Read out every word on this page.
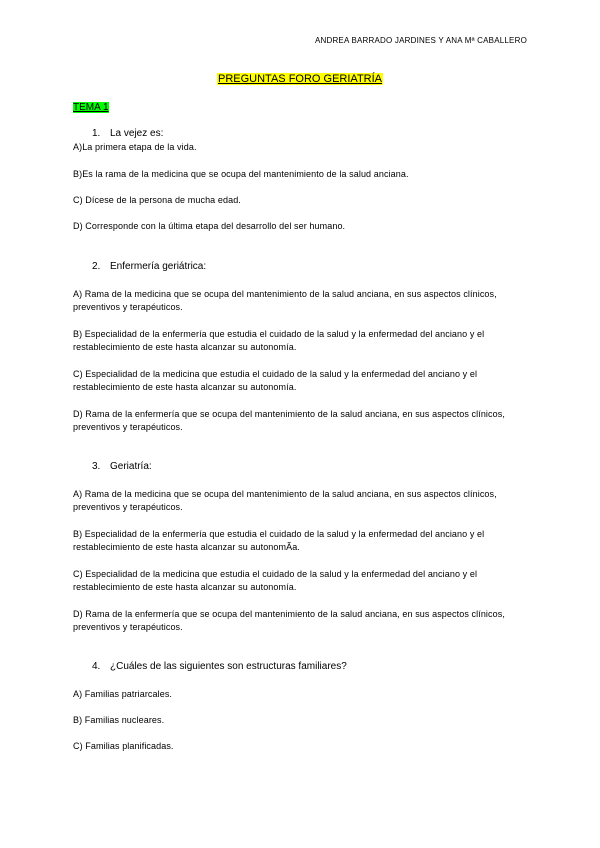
ANDREA BARRADO JARDINES Y ANA Mª CABALLERO
PREGUNTAS FORO GERIATRÍA
TEMA 1
1. La vejez es:
A)La primera etapa de la vida.
B)Es la rama de la medicina que se ocupa del mantenimiento de la salud anciana.
C) Dícese de la persona de mucha edad.
D) Corresponde con la última etapa del desarrollo del ser humano.
2. Enfermería geriátrica:
A) Rama de la medicina que se ocupa del mantenimiento de la salud anciana, en sus aspectos clínicos, preventivos y terapéuticos.
B) Especialidad de la enfermería que estudia el cuidado de la salud y la enfermedad del anciano y el restablecimiento de este hasta alcanzar su autonomía.
C) Especialidad de la medicina que estudia el cuidado de la salud y la enfermedad del anciano y el restablecimiento de este hasta alcanzar su autonomía.
D) Rama de la enfermería que se ocupa del mantenimiento de la salud anciana, en sus aspectos clínicos, preventivos y terapéuticos.
3. Geriatría:
A) Rama de la medicina que se ocupa del mantenimiento de la salud anciana, en sus aspectos clínicos, preventivos y terapéuticos.
B) Especialidad de la enfermería que estudia el cuidado de la salud y la enfermedad del anciano y el restablecimiento de este hasta alcanzar su autonomÃa.
C) Especialidad de la medicina que estudia el cuidado de la salud y la enfermedad del anciano y el restablecimiento de este hasta alcanzar su autonomía.
D) Rama de la enfermería que se ocupa del mantenimiento de la salud anciana, en sus aspectos clínicos, preventivos y terapéuticos.
4. ¿Cuáles de las siguientes son estructuras familiares?
A) Familias patriarcales.
B) Familias nucleares.
C) Familias planificadas.
